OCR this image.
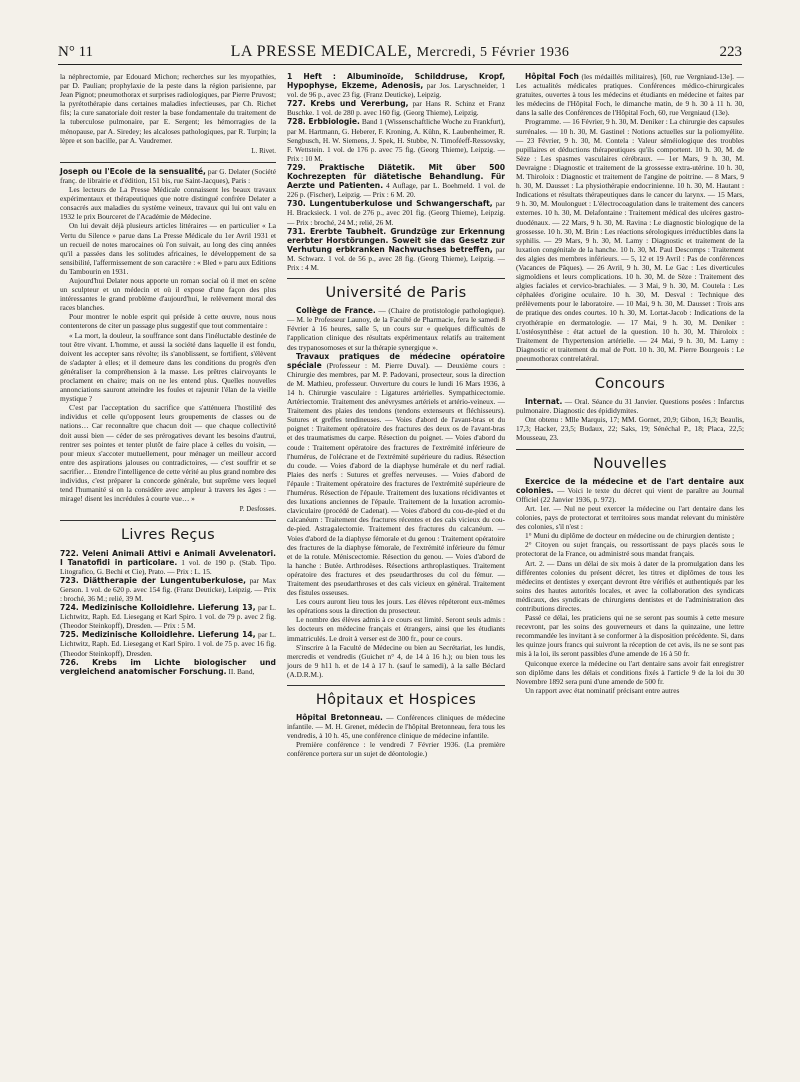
N° 11	LA PRESSE MEDICALE, Mercredi, 5 Février 1936	223

la néphrectomie, par Edouard Michon; recherches sur les myopathies, par D. Paulian; prophylaxie de la peste dans la région parisienne, par Jean Pignot; pneumothorax et surprises radiologiques, par Pierre Pruvost; la pyrétothérapie dans certaines maladies infectieuses, par Ch. Richet fils; la cure sanatoriale doit rester la base fondamentale du traitement de la tuberculose pulmonaire, par E. Sergent; les hémorragies de la ménopause, par A. Siredey; les alcaloses pathologiques, par R. Turpin; la lèpre et son bacille, par A. Vaudremer.

L. Rivet.

Joseph ou l'Ecole de la sensualité, par G. Delater (Société franç. de librairie et d'édition, 151 bis, rue Saint-Jacques), Paris :

Les lecteurs de La Presse Médicale connaissent les beaux travaux expérimentaux et thérapeutiques que notre distingué confrère Delater a consacrés aux maladies du système veineux, travaux qui lui ont valu en 1932 le prix Bourceret de l'Académie de Médecine.

On lui devait déjà plusieurs articles littéraires — en particulier « La Vertu du Silence » parue dans La Presse Médicale du 1er Avril 1931 et un recueil de notes marocaines où l'on suivait, au long des cinq années qu'il a passées dans les solitudes africaines, le développement de sa sensibilité, l'affermissement de son caractère : « Bled » paru aux Editions du Tambourin en 1931.

Aujourd'hui Delater nous apporte un roman social où il met en scène un sculpteur et un médecin et où il expose d'une façon des plus intéressantes le grand problème d'aujourd'hui, le relèvement moral des races blanches.

Pour montrer le noble esprit qui préside à cette œuvre, nous nous contenterons de citer un passage plus suggestif que tout commentaire :

« La mort, la douleur, la souffrance sont dans l'inéluctable destinée de tout être vivant. L'homme, et aussi la société dans laquelle il est fondu, doivent les accepter sans révolte; ils s'anoblissent, se fortifient, s'élèvent de s'adapter à elles; et il demeure dans les conditions du progrès d'en généraliser la compréhension à la masse. Les prêtres clairvoyants le proclament en chaire; mais on ne les entend plus. Quelles nouvelles annonciations sauront atteindre les foules et rajeunir l'élan de la vieille mystique ?

C'est par l'acceptation du sacrifice que s'atténuera l'hostilité des individus et celle qu'opposent leurs groupements de classes ou de nations… Car reconnaître que chacun doit — que chaque collectivité doit aussi bien — céder de ses prérogatives devant les besoins d'autrui, rentrer ses pointes et tenter plutôt de faire place à celles du voisin, — pour mieux s'accoter mutuellement, pour ménager un meilleur accord entre des aspirations jalouses ou contradictoires, — c'est souffrir et se sacrifier… Etendre l'intelligence de cette vérité au plus grand nombre des individus, c'est préparer la concorde générale, but suprême vers lequel tend l'humanité si on la considère avec ampleur à travers les âges : — mirage! disent les incrédules à courte vue… »

P. Desfosses.
Livres Reçus

722. Veleni Animali Attivi e Animali Avvelenatori. I Tanatofidi in particolare. 1 vol. de 190 p. (Stab. Tipo. Litografico, G. Bechi et Cie), Prato. — Prix : L. 15.

723. Diättherapie der Lungentuberkulose, par Max Gerson. 1 vol. de 620 p. avec 154 fig. (Franz Deuticke), Leipzig. — Prix : broché, 36 M.; relié, 39 M.

724. Medizinische Kolloidlehre. Lieferung 13, par L. Lichtwitz, Raph. Ed. Liesegang et Karl Spiro. 1 vol. de 79 p. avec 2 fig. (Theodor Steinkopff), Dresden. — Prix : 5 M.

725. Medizinische Kolloidlehre. Lieferung 14, par L. Lichtwitz, Raph. Ed. Liesegang et Karl Spiro. 1 vol. de 75 p. avec 16 fig. (Theodor Steinkopff), Dresden.

726. Krebs im Lichte biologischer und vergleichend anatomischer Forschung. II. Band,

1 Heft : Albuminoïde, Schilddruse, Kropf, Hypophyse, Ekzeme, Adenosis, par Jos. Laryschneider, 1 vol. de 96 p., avec 23 fig. (Franz Deuticke), Leipzig.

727. Krebs und Vererbung, par Hans R. Schinz et Franz Buschke. 1 vol. de 280 p. avec 160 fig. (Georg Thieme), Leipzig.

728. Erbbiologie. Band 1 (Wissenschaftliche Woche zu Frankfurt), par M. Hartmann, G. Heberer, F. Kroning, A. Kühn, K. Laubenheimer, R. Sengbusch, H. W. Siemens, J. Spek, H. Stubbe, N. Timoféeff-Ressovsky, F. Wettstein. 1 vol. de 176 p. avec 75 fig. (Georg Thieme), Leipzig. — Prix : 10 M.

729. Praktische Diätetik. Mit über 500 Kochrezepten für diätetische Behandlung. Für Aerzte und Patienten. 4 Auflage, par L. Boehmeld. 1 vol. de 226 p. (Fischer), Leipzig. — Prix : 6 M. 20.

730. Lungentuberkulose und Schwangerschaft, par H. Bracksieck. 1 vol. de 276 p., avec 201 fig. (Georg Thieme), Leipzig. — Prix : broché, 24 M.; relié, 26 M.

731. Ererbte Taubheit. Grundzüge zur Erkennung ererbter Horstörungen. Soweit sie das Gesetz zur Verhutung erbkranken Nachwuchses betreffen, par M. Schwarz. 1 vol. de 56 p., avec 28 fig. (Georg Thieme), Leipzig. — Prix : 4 M.

Université de Paris

Collège de France. — (Chaire de protistologie pathologique). — M. le Professeur Launoy, de la Faculté de Pharmacie, fera le samedi 8 Février à 16 heures, salle 5, un cours sur « quelques difficultés de l'application clinique des résultats expérimentaux relatifs au traitement des trypanosomoses et sur la thérapie synergique ».

Travaux pratiques de médecine opératoire spéciale (Professeur : M. Pierre Duval). — Deuxième cours : Chirurgie des membres, par M. P. Padovani, prosecteur, sous la direction de M. Mathieu, professeur. Ouverture du cours le lundi 16 Mars 1936, à 14 h. Chirurgie vasculaire : Ligatures artérielles. Sympathicectomie. Artériectomie. Traitement des anévrysmes artériels et artério-veineux. — Traitement des plaies des tendons (tendons extenseurs et fléchisseurs). Sutures et greffes tendineuses. — Voies d'abord de l'avant-bras et du poignet : Traitement opératoire des fractures des deux os de l'avant-bras et des traumatismes du carpe. Résection du poignet. — Voies d'abord du coude : Traitement opératoire des fractures de l'extrémité inférieure de l'humérus, de l'olécrane et de l'extrémité supérieure du radius. Résection du coude. — Voies d'abord de la diaphyse humérale et du nerf radial. Plaies des nerfs : Sutures et greffes nerveuses. — Voies d'abord de l'épaule : Traitement opératoire des fractures de l'extrémité supérieure de l'humérus. Résection de l'épaule. Traitement des luxations récidivantes et des luxations anciennes de l'épaule. Traitement de la luxation acromio-claviculaire (procédé de Cadenat). — Voies d'abord du cou-de-pied et du calcanéum : Traitement des fractures récentes et des cals vicieux du cou-de-pied. Astragalectomie. Traitement des fractures du calcanéum. — Voies d'abord de la diaphyse fémorale et du genou : Traitement opératoire des fractures de la diaphyse fémorale, de l'extrémité inférieure du fémur et de la rotule. Méniscectomie. Résection du genou. — Voies d'abord de la hanche : Butée. Arthrodèses. Résections arthroplastiques. Traitement opératoire des fractures et des pseudarthroses du col du fémur. — Traitement des pseudarthroses et des cals vicieux en général. Traitement des fistules osseuses.

Les cours auront lieu tous les jours. Les élèves répéteront eux-mêmes les opérations sous la direction du prosecteur.

Le nombre des élèves admis à ce cours est limité. Seront seuls admis : les docteurs en médecine français et étrangers, ainsi que les étudiants immatriculés. Le droit à verser est de 300 fr., pour ce cours.

S'inscrire à la Faculté de Médecine ou bien au Secrétariat, les lundis, mercredis et vendredis (Guichet n° 4, de 14 à 16 h.); ou bien tous les jours de 9 h11 h. et de 14 à 17 h. (sauf le samedi), à la salle Béclard (A.D.R.M.).

Hôpitaux et Hospices

Hôpital Bretonneau. — Conférences cliniques de médecine infantile. — M. H. Grenet, médecin de l'hôpital Bretonneau, fera tous les vendredis, à 10 h. 45, une conférence clinique de médecine infantile.

Première conférence : le vendredi 7 Février 1936. (La première conférence portera sur un sujet de déontologie.)

Hôpital Foch (les médaillés militaires), [60, rue Vergniaud-13e]. — Les actualités médicales pratiques. Conférences médico-chirurgicales gratuites, ouvertes à tous les médecins et étudiants en médecine et faites par les médecins de l'Hôpital Foch, le dimanche matin, de 9 h. 30 à 11 h. 30, dans la salle des Conférences de l'Hôpital Foch, 60, rue Vergniaud (13e).

Programme. — 16 Février, 9 h. 30, M. Deniker : La chirurgie des capsules surrénales. — 10 h. 30, M. Gastinel : Notions actuelles sur la poliomyélite. — 23 Février, 9 h. 30, M. Contela : Valeur séméiologique des troubles pupillaires et déductions thérapeutiques qu'ils comportent. 10 h. 30, M. de Sèze : Les spasmes vasculaires cérébraux. — 1er Mars, 9 h. 30, M. Devraigne : Diagnostic et traitement de la grossesse extra-utérine. 10 h. 30, M. Thiroloix : Diagnostic et traitement de l'angine de poitrine. — 8 Mars, 9 h. 30, M. Dausset : La physiothérapie endocrinienne. 10 h. 30, M. Hautant : Indications et résultats thérapeutiques dans le cancer du larynx. — 15 Mars, 9 h. 30, M. Moulonguet : L'électrocoagulation dans le traitement des cancers externes. 10 h. 30, M. Delafontaine : Traitement médical des ulcères gastro-duodénaux. — 22 Mars, 9 h. 30, M. Ravina : Le diagnostic biologique de la grossesse. 10 h. 30, M. Brin : Les réactions sérologiques irréductibles dans la syphilis. — 29 Mars, 9 h. 30, M. Lamy : Diagnostic et traitement de la luxation congénitale de la hanche. 10 h. 30, M. Paul Descomps : Traitement des algies des membres inférieurs. — 5, 12 et 19 Avril : Pas de conférences (Vacances de Pâques). — 26 Avril, 9 h. 30, M. Le Gac : Les diverticules sigmoïdiens et leurs complications. 10 h. 30, M. de Sèze : Traitement des algies faciales et cervico-brachiales. — 3 Mai, 9 h. 30, M. Coutela : Les céphalées d'origine oculaire. 10 h. 30, M. Desval : Technique des prélèvements pour le laboratoire. — 10 Mai, 9 h. 30, M. Dausset : Trois ans de pratique des ondes courtes. 10 h. 30, M. Lortat-Jacob : Indications de la cryothérapie en dermatologie. — 17 Mai, 9 h. 30, M. Deniker : L'ostéosynthèse : état actuel de la question. 10 h. 30, M. Thiroloix : Traitement de l'hypertension artérielle. — 24 Mai, 9 h. 30, M. Lamy : Diagnostic et traitement du mal de Pott. 10 h. 30, M. Pierre Bourgeois : Le pneumothorax contrelatéral.

Concours

Internat. — Oral. Séance du 31 Janvier. Questions posées : Infarctus pulmonaire. Diagnostic des épididymites.

Ont obtenu : Mlle Marquis, 17; MM. Gornet, 20,9; Gibon, 16,3; Beaulis, 17,3; Hacker, 23,5; Budaux, 22; Saks, 19; Sénéchal P., 18; Placa, 22,5; Mousseau, 23.

Nouvelles

Exercice de la médecine et de l'art dentaire aux colonies. — Voici le texte du décret qui vient de paraître au Journal Officiel (22 Janvier 1936, p. 972).

Art. 1er. — Nul ne peut exercer la médecine ou l'art dentaire dans les colonies, pays de protectorat et territoires sous mandat relevant du ministère des colonies, s'il n'est :

1° Muni du diplôme de docteur en médecine ou de chirurgien dentiste ;

2° Citoyen ou sujet français, ou ressortissant de pays placés sous le protectorat de la France, ou administré sous mandat français.

Art. 2. — Dans un délai de six mois à dater de la promulgation dans les différentes colonies du présent décret, les titres et diplômes de tous les médecins et dentistes y exerçant devront être vérifiés et authentiqués par les soins des hautes autorités locales, et avec la collaboration des syndicats médicaux, des syndicats de chirurgiens dentistes et de l'administration des contributions directes.

Passé ce délai, les praticiens qui ne se seront pas soumis à cette mesure recevront, par les soins des gouverneurs et dans la quinzaine, une lettre recommandée les invitant à se conformer à la disposition précédente. Si, dans les quinze jours francs qui suivront la réception de cet avis, ils ne se sont pas mis à la loi, ils seront passibles d'une amende de 16 à 50 fr.

Quiconque exerce la médecine ou l'art dentaire sans avoir fait enregistrer son diplôme dans les délais et conditions fixés à l'article 9 de la loi du 30 Novembre 1892 sera puni d'une amende de 500 fr.

Un rapport avec état nominatif précisant entre autres
